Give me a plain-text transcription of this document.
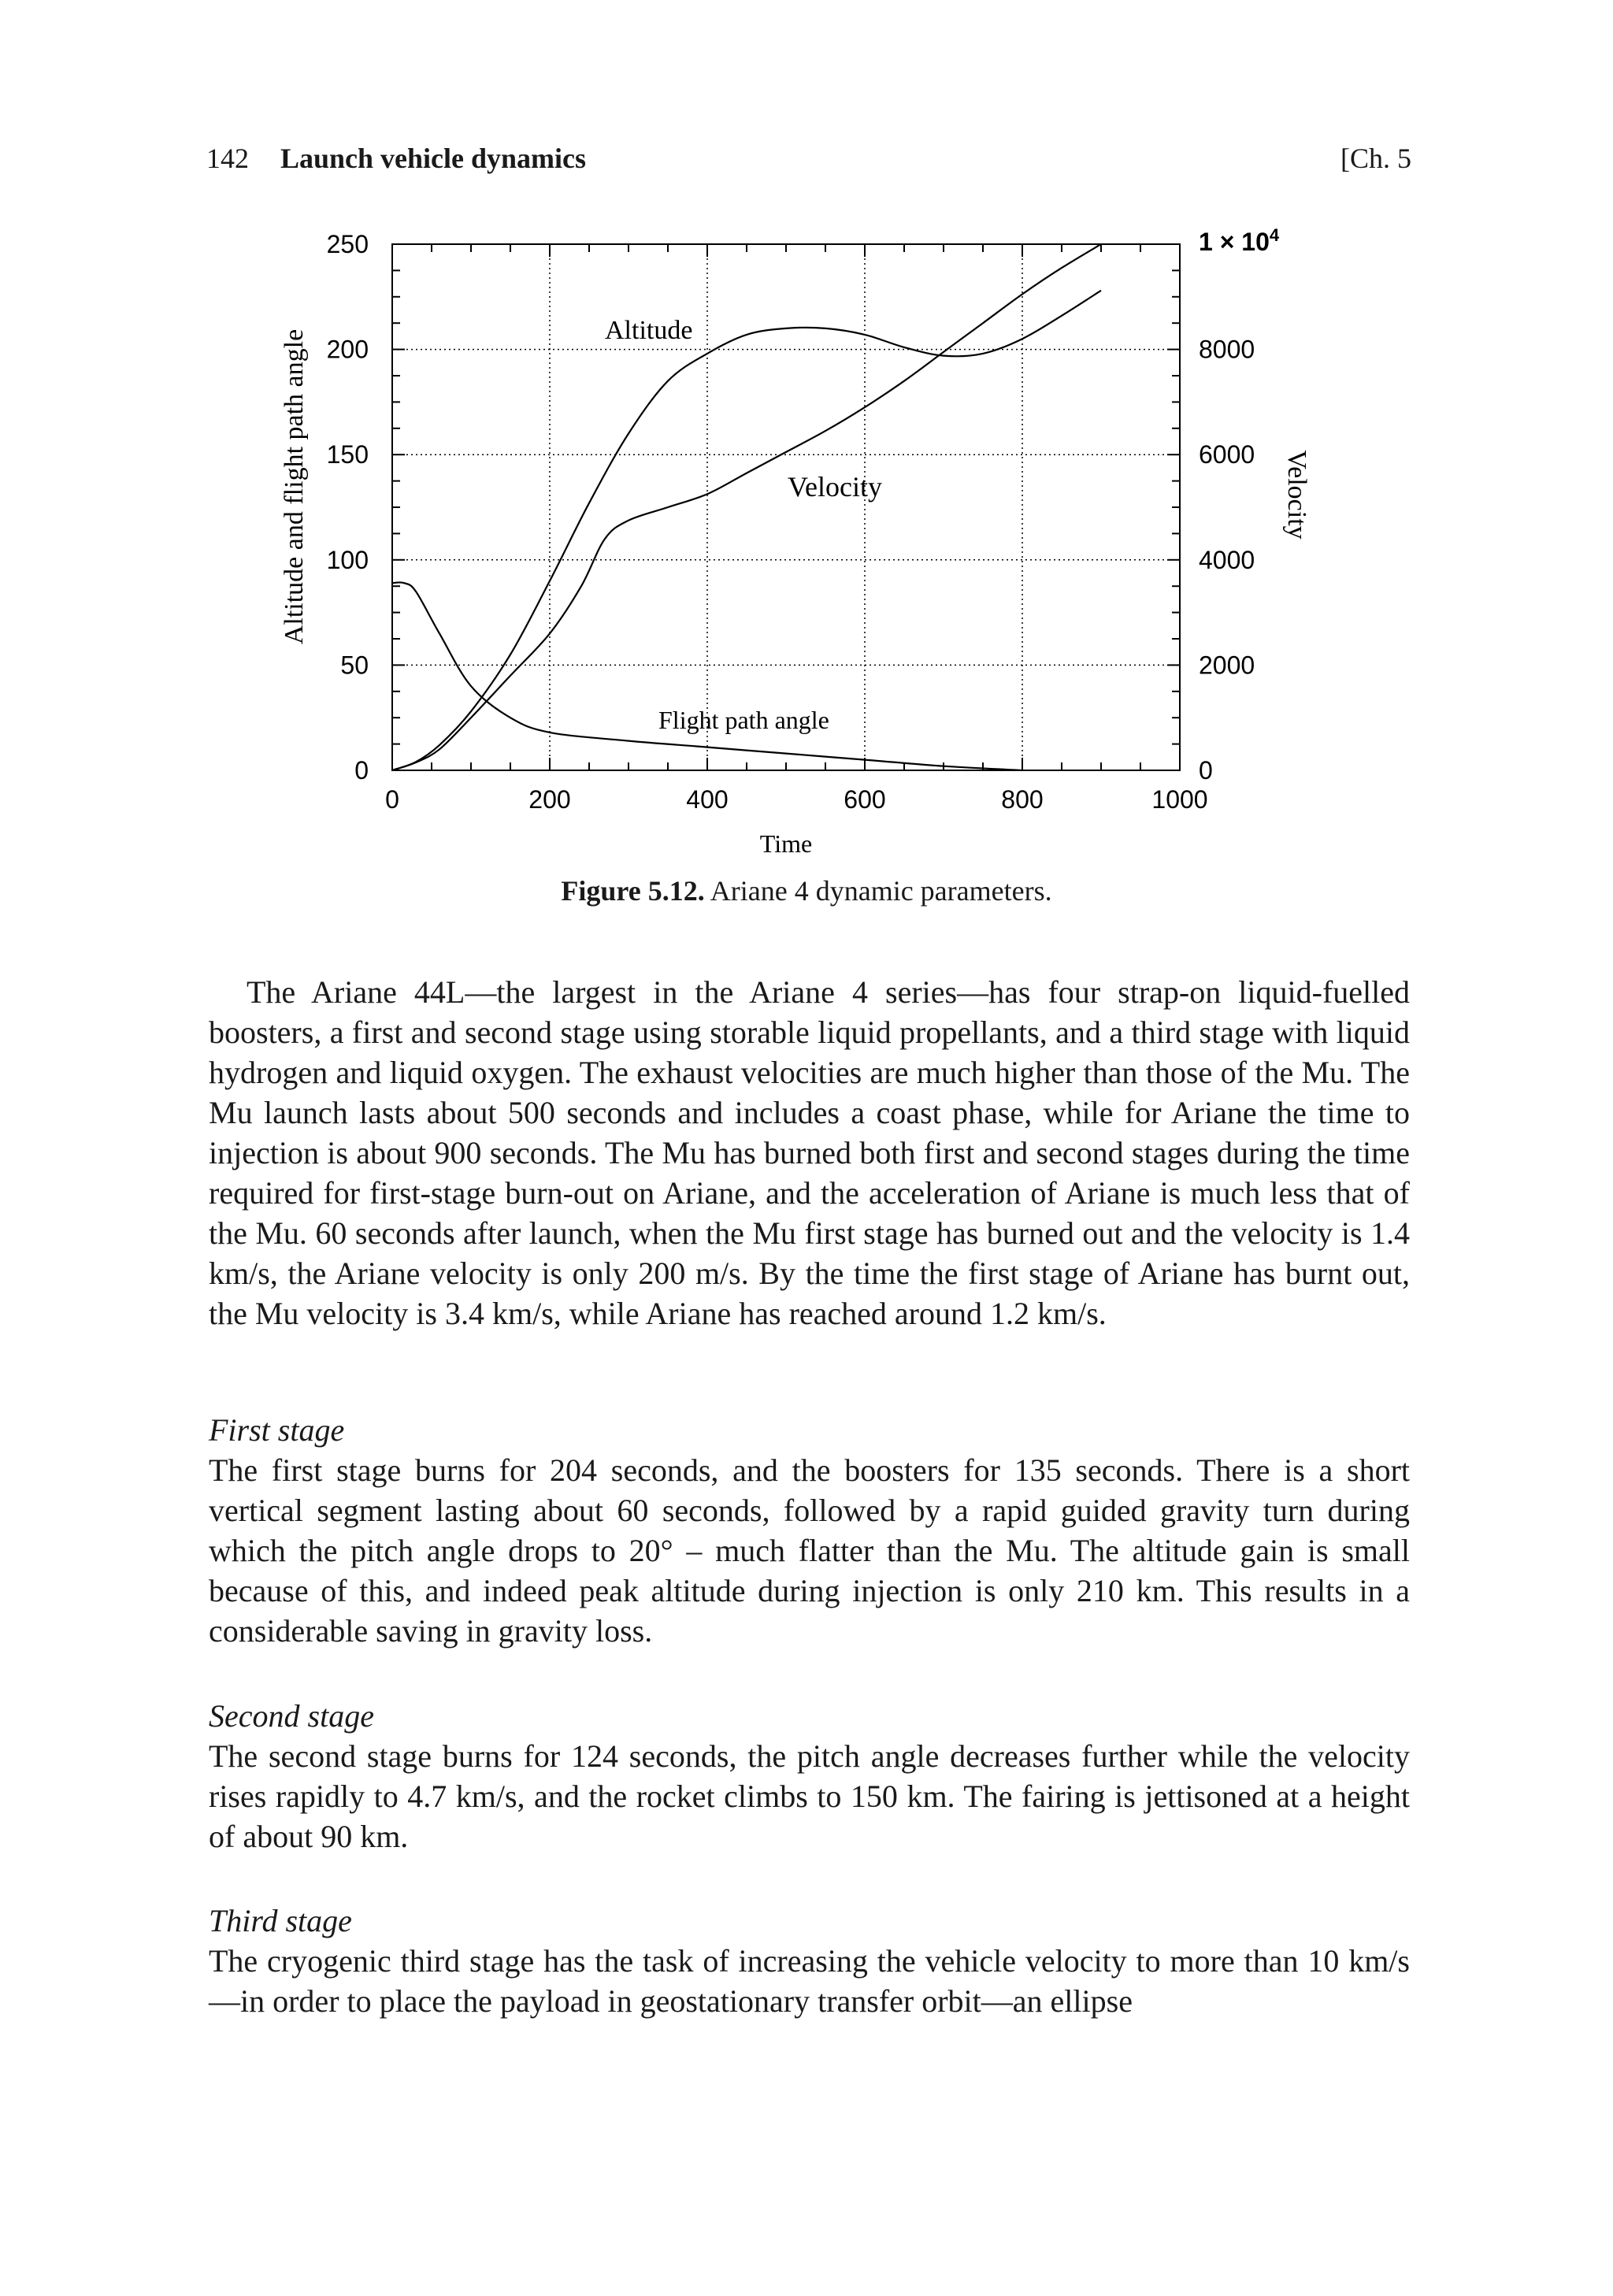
142 Launch vehicle dynamics	[Ch. 5
0	200	400	600	800	1000
0
50
100
150
200
250
0
2000
4000
6000
8000
$1 \times 10^4$
Time
Altitude and flight path angle	Velocity
Altitude
Velocity
Flight path angle
Figure 5.12. Ariane 4 dynamic parameters.

The Ariane 44L—the largest in the Ariane 4 series—has four strap-on liquid-fuelled boosters, a first and second stage using storable liquid propellants, and a third stage with liquid hydrogen and liquid oxygen. The exhaust velocities are much higher than those of the Mu. The Mu launch lasts about 500 seconds and includes a coast phase, while for Ariane the time to injection is about 900 seconds. The Mu has burned both first and second stages during the time required for first-stage burn-out on Ariane, and the acceleration of Ariane is much less that of the Mu. 60 seconds after launch, when the Mu first stage has burned out and the velocity is 1.4 km/s, the Ariane velocity is only 200 m/s. By the time the first stage of Ariane has burnt out, the Mu velocity is 3.4 km/s, while Ariane has reached around 1.2 km/s.

First stage

The first stage burns for 204 seconds, and the boosters for 135 seconds. There is a short vertical segment lasting about 60 seconds, followed by a rapid guided gravity turn during which the pitch angle drops to 20° – much flatter than the Mu. The altitude gain is small because of this, and indeed peak altitude during injection is only 210 km. This results in a considerable saving in gravity loss.

Second stage

The second stage burns for 124 seconds, the pitch angle decreases further while the velocity rises rapidly to 4.7 km/s, and the rocket climbs to 150 km. The fairing is jettisoned at a height of about 90 km.

Third stage

The cryogenic third stage has the task of increasing the vehicle velocity to more than 10 km/s—in order to place the payload in geostationary transfer orbit—an ellipse
